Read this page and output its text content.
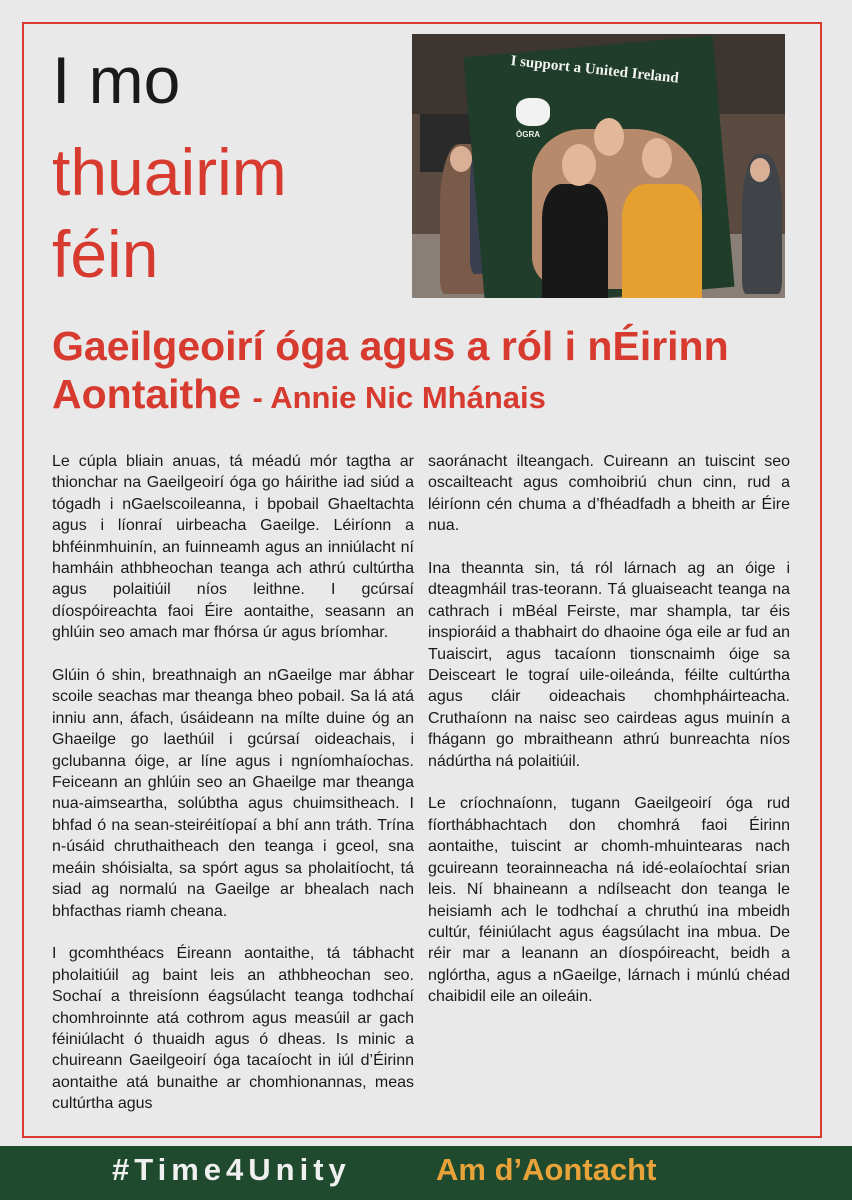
I mo
thuairim
féin
ÓGRA
I support a United Ireland
Gaeilgeoirí óga agus a ról i nÉirinn Aontaithe - Annie Nic Mhánais

Le cúpla bliain anuas, tá méadú mór tagtha ar thionchar na Gaeilgeoirí óga go háirithe iad siúd a tógadh i nGaelscoileanna, i bpobail Ghaeltachta agus i líonraí uirbeacha Gaeilge. Léiríonn a bhféinmhuinín, an fuinneamh agus an inniúlacht ní hamháin athbheochan teanga ach athrú cultúrtha agus polaitiúil níos leithne. I gcúrsaí díospóireachta faoi Éire aontaithe, seasann an ghlúin seo amach mar fhórsa úr agus bríomhar.

Glúin ó shin, breathnaigh an nGaeilge mar ábhar scoile seachas mar theanga bheo pobail. Sa lá atá inniu ann, áfach, úsáideann na mílte duine óg an Ghaeilge go laethúil i gcúrsaí oideachais, i gclubanna óige, ar líne agus i ngníomhaíochas. Feiceann an ghlúin seo an Ghaeilge mar theanga nua-aimseartha, solúbtha agus chuimsitheach. I bhfad ó na sean-steiréitíopaí a bhí ann tráth. Trína n-úsáid chruthaitheach den teanga i gceol, sna meáin shóisialta, sa spórt agus sa pholaitíocht, tá siad ag normalú na Gaeilge ar bhealach nach bhfacthas riamh cheana.

I gcomhthéacs Éireann aontaithe, tá tábhacht pholaitiúil ag baint leis an athbheochan seo. Sochaí a threisíonn éagsúlacht teanga todhchaí chomhroinnte atá cothrom agus measúil ar gach féiniúlacht ó thuaidh agus ó dheas. Is minic a chuireann Gaeilgeoirí óga tacaíocht in iúl d’Éirinn aontaithe atá bunaithe ar chomhionannas, meas cultúrtha agus

saoránacht ilteangach. Cuireann an tuiscint seo oscailteacht agus comhoibriú chun cinn, rud a léiríonn cén chuma a d’fhéadfadh a bheith ar Éire nua.

Ina theannta sin, tá ról lárnach ag an óige i dteagmháil tras-teorann. Tá gluaiseacht teanga na cathrach i mBéal Feirste, mar shampla, tar éis inspioráid a thabhairt do dhaoine óga eile ar fud an Tuaiscirt, agus tacaíonn tionscnaimh óige sa Deisceart le tograí uile-oileánda, féilte cultúrtha agus cláir oideachais chomhpháirteacha. Cruthaíonn na naisc seo cairdeas agus muinín a fhágann go mbraitheann athrú bunreachta níos nádúrtha ná polaitiúil.

Le críochnaíonn, tugann Gaeilgeoirí óga rud fíorthábhachtach don chomhrá faoi Éirinn aontaithe, tuiscint ar chomh-mhuintearas nach gcuireann teorainneacha ná idé-eolaíochtaí srian leis. Ní bhaineann a ndílseacht don teanga le heisiamh ach le todhchaí a chruthú ina mbeidh cultúr, féiniúlacht agus éagsúlacht ina mbua. De réir mar a leanann an díospóireacht, beidh a nglórtha, agus a nGaeilge, lárnach i múnlú chéad chaibidil eile an oileáin.

#Time4Unity	Am d’Aontacht
